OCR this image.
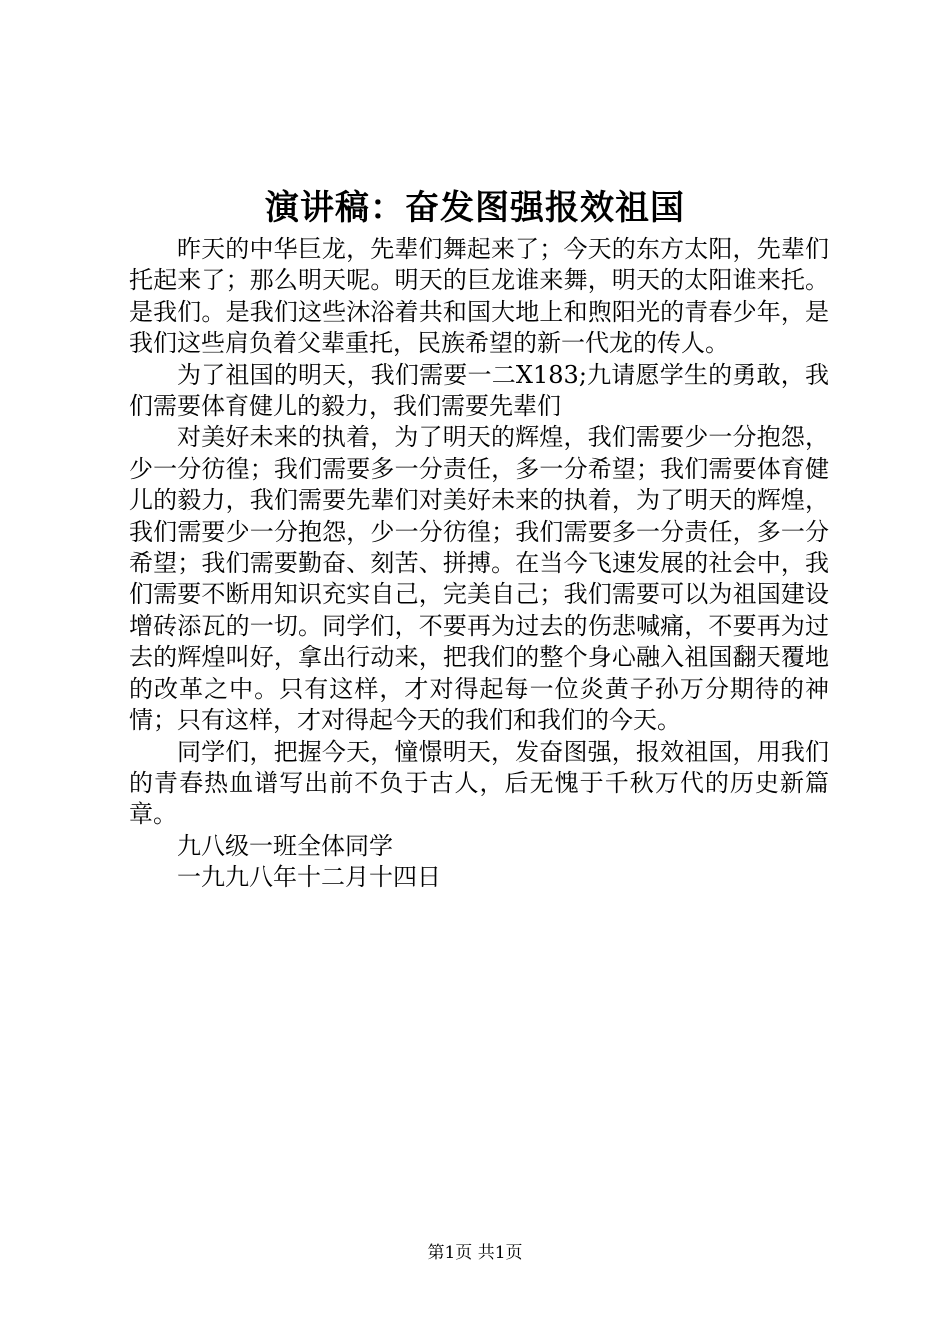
演讲稿：奋发图强报效祖国

昨天的中华巨龙，先辈们舞起来了；今天的东方太阳，先辈们托起来了；那么明天呢。明天的巨龙谁来舞，明天的太阳谁来托。是我们。是我们这些沐浴着共和国大地上和煦阳光的青春少年，是我们这些肩负着父辈重托，民族希望的新一代龙的传人。

为了祖国的明天，我们需要一二X183;九请愿学生的勇敢，我们需要体育健儿的毅力，我们需要先辈们

对美好未来的执着，为了明天的辉煌，我们需要少一分抱怨，少一分彷徨；我们需要多一分责任，多一分希望；我们需要体育健儿的毅力，我们需要先辈们对美好未来的执着，为了明天的辉煌，我们需要少一分抱怨，少一分彷徨；我们需要多一分责任，多一分希望；我们需要勤奋、刻苦、拼搏。在当今飞速发展的社会中，我们需要不断用知识充实自己，完美自己；我们需要可以为祖国建设增砖添瓦的一切。同学们，不要再为过去的伤悲喊痛，不要再为过去的辉煌叫好，拿出行动来，把我们的整个身心融入祖国翻天覆地的改革之中。只有这样，才对得起每一位炎黄子孙万分期待的神情；只有这样，才对得起今天的我们和我们的今天。

同学们，把握今天，憧憬明天，发奋图强，报效祖国，用我们的青春热血谱写出前不负于古人，后无愧于千秋万代的历史新篇章。

九八级一班全体同学

一九九八年十二月十四日

第1页 共1页
